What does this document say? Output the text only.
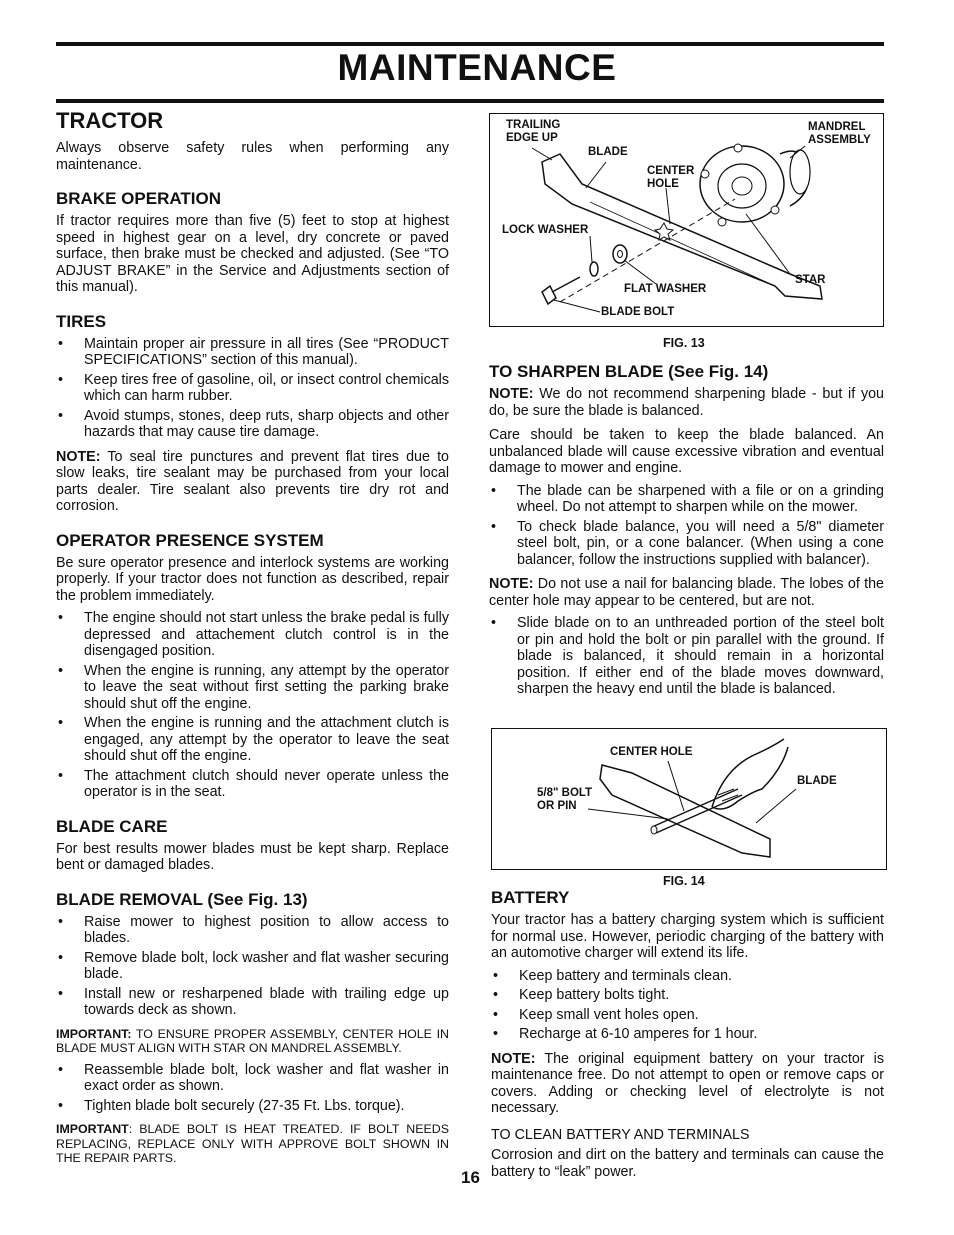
MAINTENANCE
TRACTOR

Always observe safety rules when performing any maintenance.

BRAKE OPERATION

If tractor requires more than five (5) feet to stop at highest speed in highest gear on a level, dry concrete or paved surface, then brake must be checked and adjusted. (See “TO ADJUST BRAKE” in the Service and Adjustments section of this manual).

TIRES
• Maintain proper air pressure in all tires (See “PRODUCT SPECIFICATIONS” section of this manual).
• Keep tires free of gasoline, oil, or insect control chemicals which can harm rubber.
• Avoid stumps, stones, deep ruts, sharp objects and other hazards that may cause tire damage.

NOTE: To seal tire punctures and prevent flat tires due to slow leaks, tire sealant may be purchased from your local parts dealer. Tire sealant also prevents tire dry rot and corrosion.

OPERATOR PRESENCE SYSTEM

Be sure operator presence and interlock systems are working properly. If your tractor does not function as described, repair the problem immediately.

• The engine should not start unless the brake pedal is fully depressed and attachement clutch control is in the disengaged position.
• When the engine is running, any attempt by the operator to leave the seat without first setting the parking brake should shut off the engine.
• When the engine is running and the attachment clutch is engaged, any attempt by the operator to leave the seat should shut off the engine.
• The attachment clutch should never operate unless the operator is in the seat.
BLADE CARE

For best results mower blades must be kept sharp. Replace bent or damaged blades.

BLADE REMOVAL (See Fig. 13)
• Raise mower to highest position to allow access to blades.
• Remove blade bolt, lock washer and flat washer securing blade.
• Install new or resharpened blade with trailing edge up towards deck as shown.

IMPORTANT: TO ENSURE PROPER ASSEMBLY, CENTER HOLE IN BLADE MUST ALIGN WITH STAR ON MANDREL ASSEMBLY.

• Reassemble blade bolt, lock washer and flat washer in exact order as shown.
• Tighten blade bolt securely (27-35 Ft. Lbs. torque).

IMPORTANT: BLADE BOLT IS HEAT TREATED. IF BOLT NEEDS REPLACING, REPLACE ONLY WITH APPROVE BOLT SHOWN IN THE REPAIR PARTS.

TRAILING
EDGE UP
BLADE
CENTER
HOLE
MANDREL
ASSEMBLY
LOCK WASHER
STAR
FLAT WASHER
BLADE BOLT
FIG. 13
TO SHARPEN BLADE (See Fig. 14)

NOTE: We do not recommend sharpening blade - but if you do, be sure the blade is balanced.

Care should be taken to keep the blade balanced. An unbalanced blade will cause excessive vibration and eventual damage to mower and engine.

• The blade can be sharpened with a file or on a grinding wheel. Do not attempt to sharpen while on the mower.
• To check blade balance, you will need a 5/8" diameter steel bolt, pin, or a cone balancer. (When using a cone balancer, follow the instructions supplied with balancer).

NOTE: Do not use a nail for balancing blade. The lobes of the center hole may appear to be centered, but are not.

• Slide blade on to an unthreaded portion of the steel bolt or pin and hold the bolt or pin parallel with the ground. If blade is balanced, it should remain in a horizontal position. If either end of the blade moves downward, sharpen the heavy end until the blade is balanced.
CENTER HOLE
BLADE
5/8" BOLT
OR PIN
FIG. 14
BATTERY

Your tractor has a battery charging system which is sufficient for normal use. However, periodic charging of the battery with an automotive charger will extend its life.

• Keep battery and terminals clean.
• Keep battery bolts tight.
• Keep small vent holes open.
• Recharge at 6-10 amperes for 1 hour.

NOTE: The original equipment battery on your tractor is maintenance free. Do not attempt to open or remove caps or covers. Adding or checking level of electrolyte is not necessary.

TO CLEAN BATTERY AND TERMINALS

Corrosion and dirt on the battery and terminals can cause the battery to “leak” power.

16
